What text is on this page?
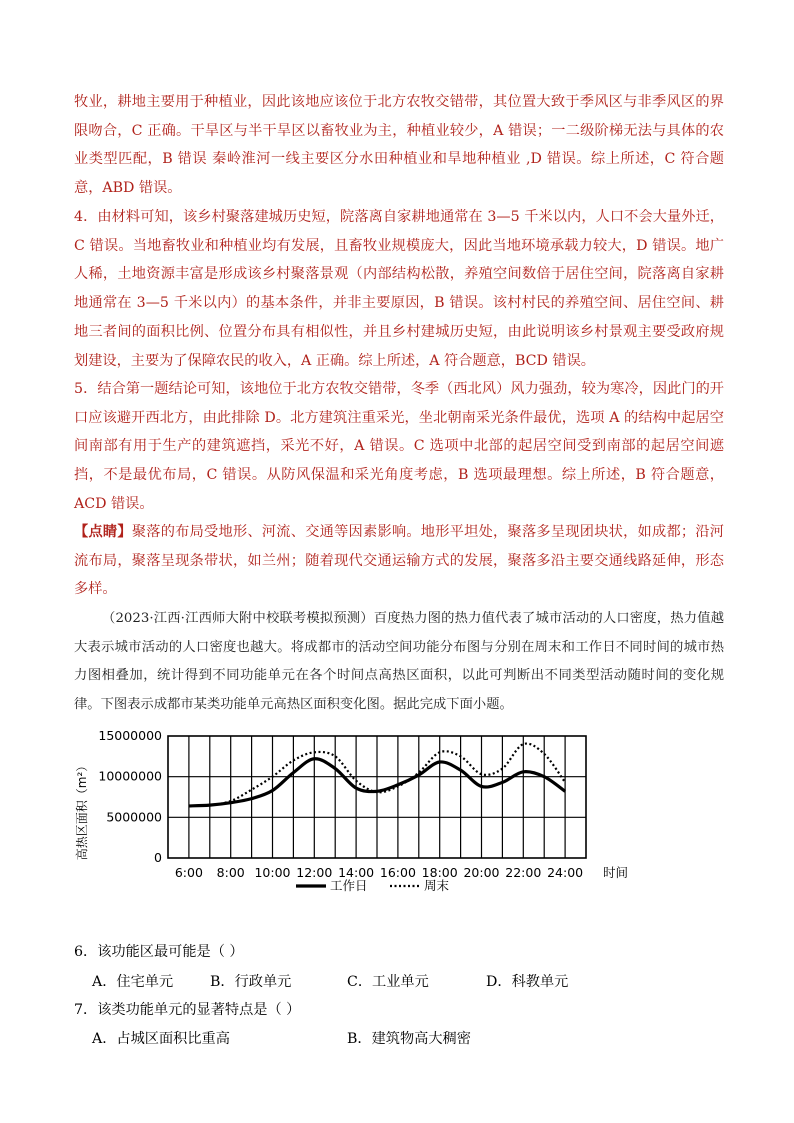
牧业，耕地主要用于种植业，因此该地应该位于北方农牧交错带，其位置大致于季风区与非季风区的界限吻合，C 正确。干旱区与半干旱区以畜牧业为主，种植业较少，A 错误；一二级阶梯无法与具体的农业类型匹配，B 错误 秦岭淮河一线主要区分水田种植业和旱地种植业 ,D 错误。综上所述，C 符合题意，ABD 错误。
4．由材料可知，该乡村聚落建城历史短，院落离自家耕地通常在 3—5 千米以内，人口不会大量外迁，C 错误。当地畜牧业和种植业均有发展，且畜牧业规模庞大，因此当地环境承载力较大，D 错误。地广人稀，土地资源丰富是形成该乡村聚落景观（内部结构松散，养殖空间数倍于居住空间，院落离自家耕地通常在 3—5 千米以内）的基本条件，并非主要原因，B 错误。该村村民的养殖空间、居住空间、耕地三者间的面积比例、位置分布具有相似性，并且乡村建城历史短，由此说明该乡村景观主要受政府规划建设，主要为了保障农民的收入，A 正确。综上所述，A 符合题意，BCD 错误。
5．结合第一题结论可知，该地位于北方农牧交错带，冬季（西北风）风力强劲，较为寒冷，因此门的开口应该避开西北方，由此排除 D。北方建筑注重采光，坐北朝南采光条件最优，选项 A 的结构中起居空间南部有用于生产的建筑遮挡，采光不好，A 错误。C 选项中北部的起居空间受到南部的起居空间遮挡，不是最优布局，C 错误。从防风保温和采光角度考虑，B 选项最理想。综上所述，B 符合题意，ACD 错误。
【点睛】聚落的布局受地形、河流、交通等因素影响。地形平坦处，聚落多呈现团块状，如成都；沿河流布局，聚落呈现条带状，如兰州；随着现代交通运输方式的发展，聚落多沿主要交通线路延伸，形态多样。
（2023·江西·江西师大附中校联考模拟预测）百度热力图的热力值代表了城市活动的人口密度，热力值越大表示城市活动的人口密度也越大。将成都市的活动空间功能分布图与分别在周末和工作日不同时间的城市热力图相叠加，统计得到不同功能单元在各个时间点高热区面积，以此可判断出不同类型活动随时间的变化规律。下图表示成都市某类功能单元高热区面积变化图。据此完成下面小题。
15000000
10000000
5000000
0
6:00 8:00 10:00 12:00 14:00 16:00 18:00 20:00 22:00 24:00
高热区面积（m²）
时间
工作日	周末
6．该功能区最可能是（ ）
A．住宅单元	B．行政单元	C．工业单元	D．科教单元
7．该类功能单元的显著特点是（ ）
A．占城区面积比重高	B．建筑物高大稠密
